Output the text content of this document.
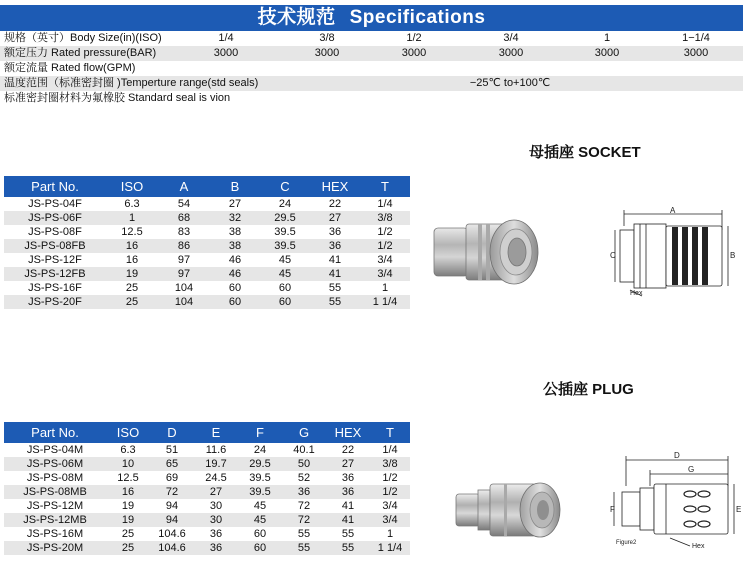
技术规范 Specifications
规格（英寸）Body Size(in)(ISO)	1/4	3/8	1/2	3/4	1	1−1/4
额定压力 Rated pressure(BAR)	3000	3000	3000	3000	3000	3000
额定流量 Rated flow(GPM)
温度范围（标准密封圈 )Temperture range(std seals)	−25℃ to+100℃
标准密封圈材料为氟橡胶 Standard seal is vion
母插座 SOCKET
Part No.	ISO	A	B	C	HEX	T
JS-PS-04F	6.3	54	27	24	22	1/4
JS-PS-06F	1	68	32	29.5	27	3/8
JS-PS-08F	12.5	83	38	39.5	36	1/2
JS-PS-08FB	16	86	38	39.5	36	1/2
JS-PS-12F	16	97	46	45	41	3/4
JS-PS-12FB	19	97	46	45	41	3/4
JS-PS-16F	25	104	60	60	55	1
JS-PS-20F	25	104	60	60	55	1 1/4
A
B
C
Hex
公插座 PLUG
Part No.	ISO	D	E	F	G	HEX	T
JS-PS-04M	6.3	51	11.6	24	40.1	22	1/4
JS-PS-06M	10	65	19.7	29.5	50	27	3/8
JS-PS-08M	12.5	69	24.5	39.5	52	36	1/2
JS-PS-08MB	16	72	27	39.5	36	36	1/2
JS-PS-12M	19	94	30	45	72	41	3/4
JS-PS-12MB	19	94	30	45	72	41	3/4
JS-PS-16M	25	104.6	36	60	55	55	1
JS-PS-20M	25	104.6	36	60	55	55	1 1/4
D
G
F	E
Figure2	Hex
